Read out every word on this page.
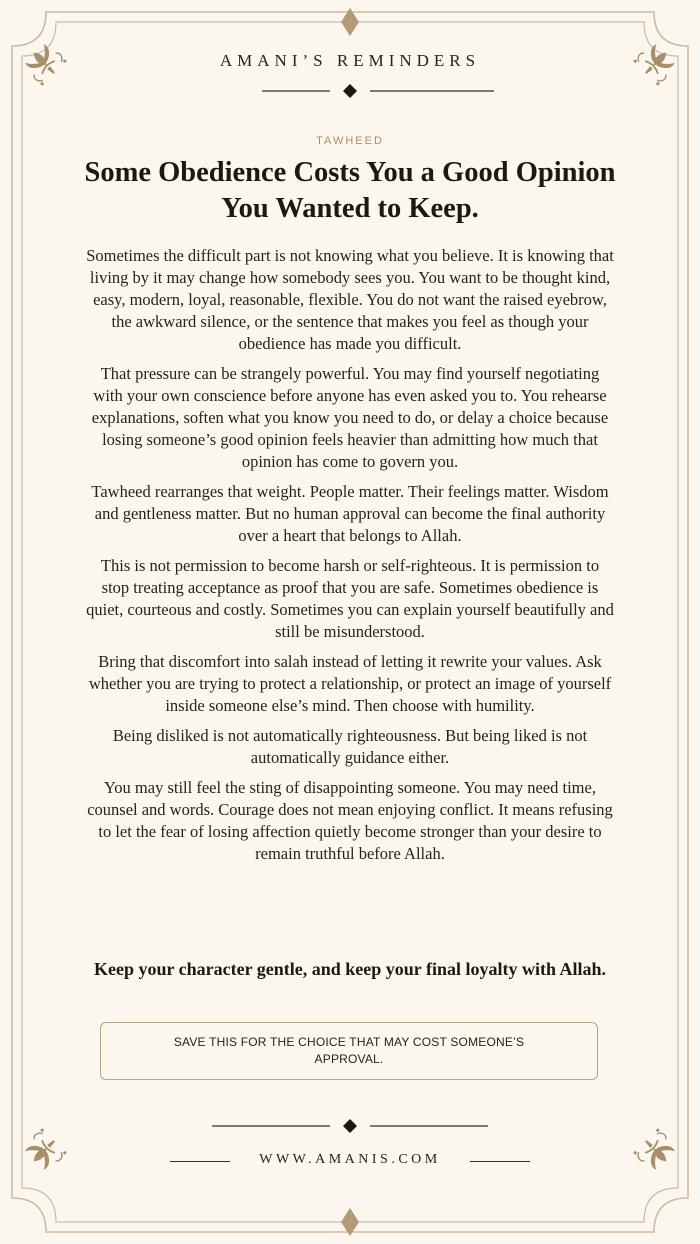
AMANI’S REMINDERS
TAWHEED
Some Obedience Costs You a Good Opinion You Wanted to Keep.

Sometimes the difficult part is not knowing what you believe. It is knowing that living by it may change how somebody sees you. You want to be thought kind, easy, modern, loyal, reasonable, flexible. You do not want the raised eyebrow, the awkward silence, or the sentence that makes you feel as though your obedience has made you difficult.

That pressure can be strangely powerful. You may find yourself negotiating with your own conscience before anyone has even asked you to. You rehearse explanations, soften what you know you need to do, or delay a choice because losing someone’s good opinion feels heavier than admitting how much that opinion has come to govern you.

Tawheed rearranges that weight. People matter. Their feelings matter. Wisdom and gentleness matter. But no human approval can become the final authority over a heart that belongs to Allah.

This is not permission to become harsh or self-righteous. It is permission to stop treating acceptance as proof that you are safe. Sometimes obedience is quiet, courteous and costly. Sometimes you can explain yourself beautifully and still be misunderstood.

Bring that discomfort into salah instead of letting it rewrite your values. Ask whether you are trying to protect a relationship, or protect an image of yourself inside someone else’s mind. Then choose with humility.

Being disliked is not automatically righteousness. But being liked is not automatically guidance either.

You may still feel the sting of disappointing someone. You may need time, counsel and words. Courage does not mean enjoying conflict. It means refusing to let the fear of losing affection quietly become stronger than your desire to remain truthful before Allah.

Keep your character gentle, and keep your final loyalty with Allah.
SAVE THIS FOR THE CHOICE THAT MAY COST SOMEONE’S APPROVAL.
WWW.AMANIS.COM
